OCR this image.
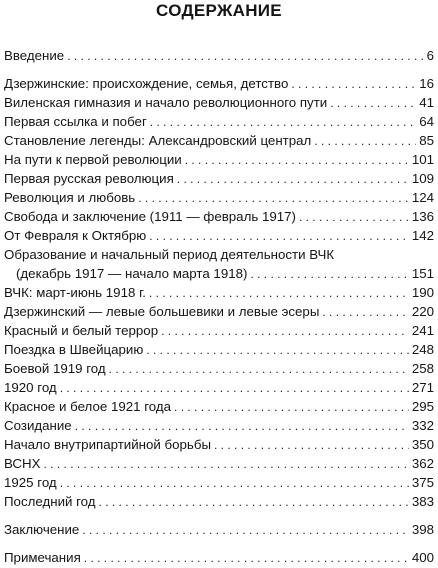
СОДЕРЖАНИЕ
Введение . . .	6
Дзержинские: происхождение, семья, детство . . .	16
Виленская гимназия и начало революционного пути . . .	41
Первая ссылка и побег . . .	64
Становление легенды: Александровский централ . . .	85
На пути к первой революции . . .	101
Первая русская революция . . .	109
Революция и любовь . . .	124
Свобода и заключение (1911 — февраль 1917) . . .	136
От Февраля к Октябрю . . .	142
Образование и начальный период деятельности ВЧК
(декабрь 1917 — начало марта 1918) . . .	151
ВЧК: март-июнь 1918 г. . . .	190
Дзержинский — левые большевики и левые эсеры . . .	220
Красный и белый террор . . .	241
Поездка в Швейцарию . . .	248
Боевой 1919 год . . .	258
1920 год . . .	271
Красное и белое 1921 года . . .	295
Созидание . . .	332
Начало внутрипартийной борьбы . . .	350
ВСНХ . . .	362
1925 год . . .	375
Последний год . . .	383
Заключение . . .	398
Примечания . . .	400
